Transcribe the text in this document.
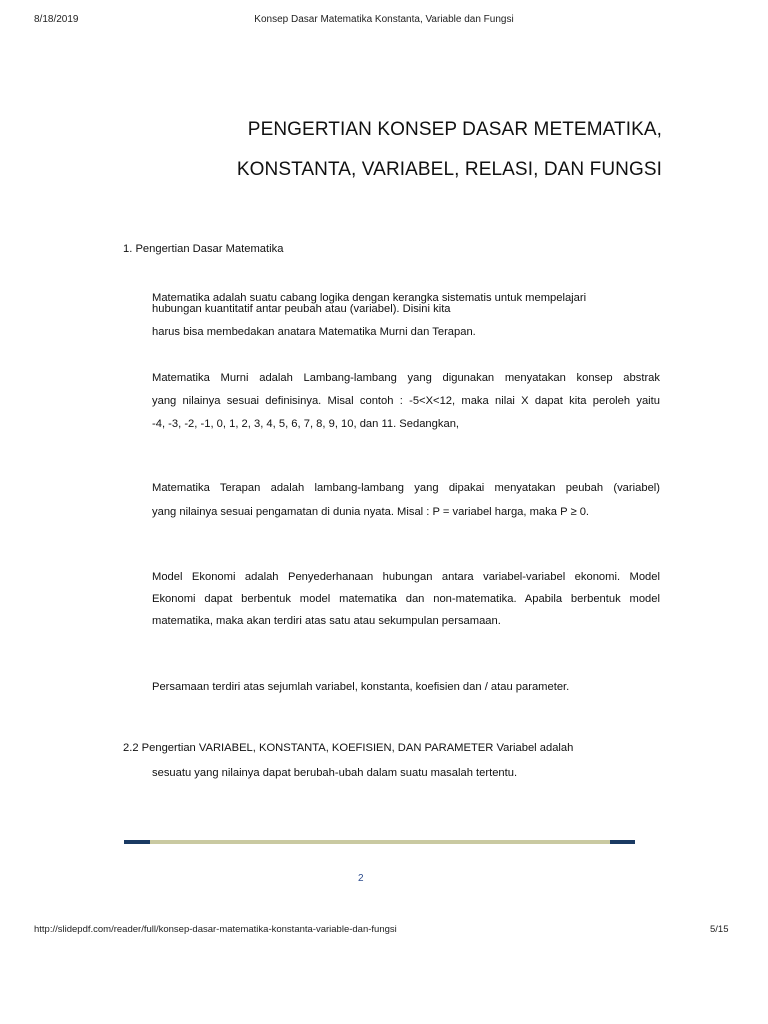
8/18/2019	Konsep Dasar Matematika Konstanta, Variable dan Fungsi
PENGERTIAN KONSEP DASAR METEMATIKA,
KONSTANTA, VARIABEL, RELASI, DAN FUNGSI
1. Pengertian Dasar Matematika
Matematika adalah suatu cabang logika dengan kerangka sistematis untuk mempelajari
hubungan kuantitatif antar peubah atau (variabel). Disini kita
harus bisa membedakan anatara Matematika Murni dan Terapan.
Matematika Murni adalah Lambang-lambang yang digunakan menyatakan konsep abstrak
yang nilainya sesuai definisinya. Misal contoh : -5<X<12, maka nilai X dapat kita peroleh yaitu
-4, -3, -2, -1, 0, 1, 2, 3, 4, 5, 6, 7, 8, 9, 10, dan 11. Sedangkan,
Matematika Terapan adalah lambang-lambang yang dipakai menyatakan peubah (variabel)
yang nilainya sesuai pengamatan di dunia nyata. Misal : P = variabel harga, maka P ≥ 0.
Model Ekonomi adalah Penyederhanaan hubungan antara variabel-variabel ekonomi. Model
Ekonomi dapat berbentuk model matematika dan non-matematika. Apabila berbentuk model
matematika, maka akan terdiri atas satu atau sekumpulan persamaan.
Persamaan terdiri atas sejumlah variabel, konstanta, koefisien dan / atau parameter.
2.2 Pengertian VARIABEL, KONSTANTA, KOEFISIEN, DAN PARAMETER Variabel adalah
sesuatu yang nilainya dapat berubah-ubah dalam suatu masalah tertentu.
2
http://slidepdf.com/reader/full/konsep-dasar-matematika-konstanta-variable-dan-fungsi	5/15
